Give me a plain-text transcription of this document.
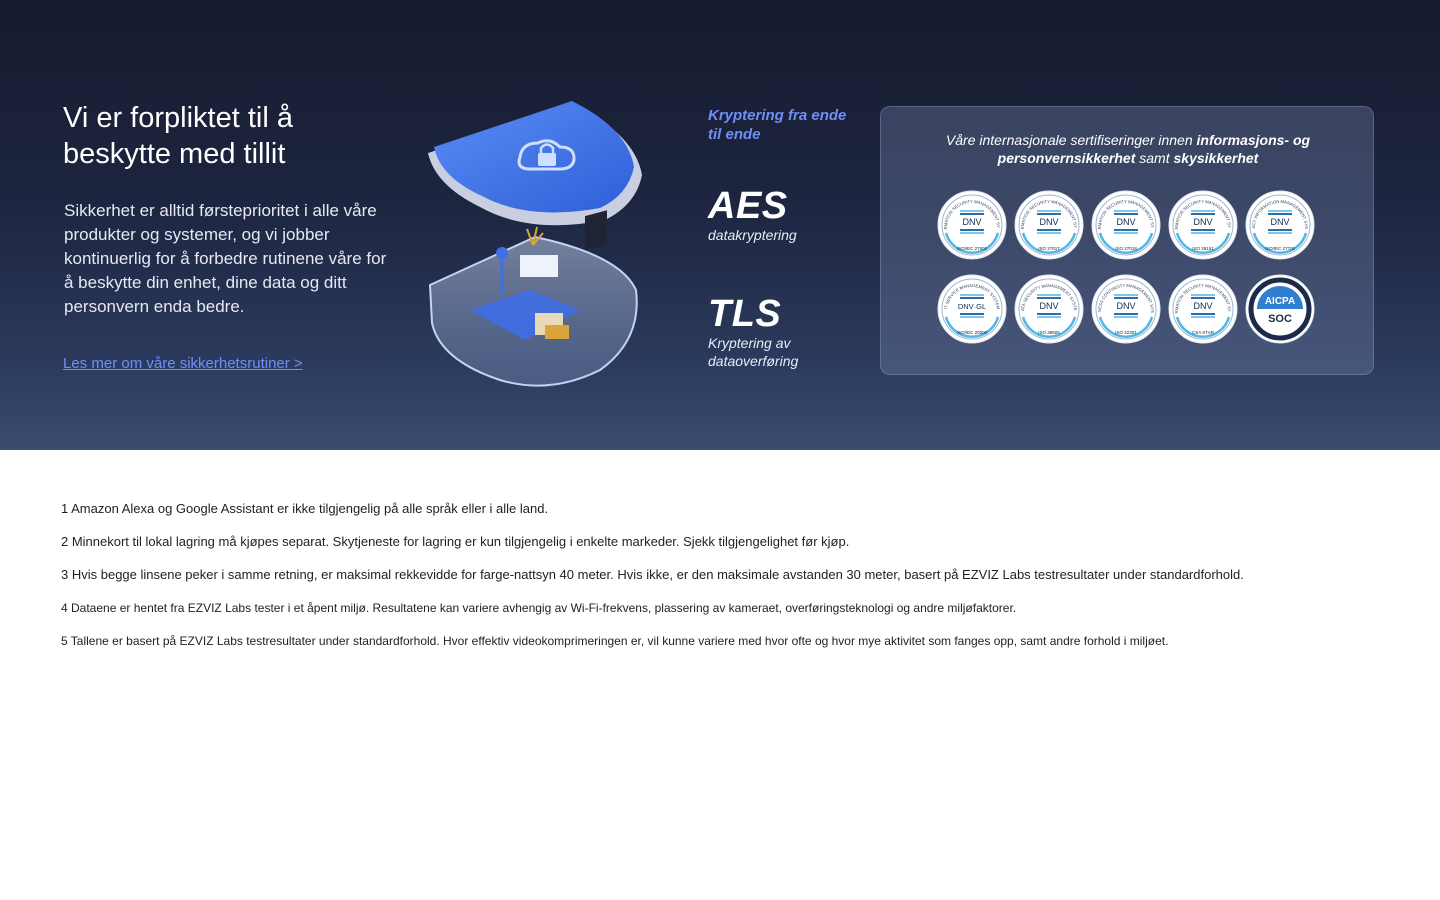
Vi er forpliktet til å beskytte med tillit

Sikkerhet er alltid førsteprioritet i alle våre produkter og systemer, og vi jobber kontinuerlig for å forbedre rutinene våre for å beskytte din enhet, dine data og ditt personvern enda bedre.

Les mer om våre sikkerhetsrutiner >
Kryptering fra ende til ende
AES
datakryptering
TLS
Kryptering av dataoverføring

Våre internasjonale sertifiseringer innen informasjons- og personvernsikkerhet samt skysikkerhet

RMATION SECURITY MANAGEMENT SY
DNV
ISO/IEC 27001
RMATION SECURITY MANAGEMENT SY
DNV
ISO 27017
RMATION SECURITY MANAGEMENT SY
DNV
ISO 27018
RMATION SECURITY MANAGEMENT SY
DNV
ISO 29151
ACY INFORMATION MANAGEMENT SYS
DNV
ISO/IEC 27701
IT SERVICE MANAGEMENT SYSTEM
DNV·GL
ISO/IEC 20000
ATA SECURITY MANAGEMENT SYSTE
DNV
ISO 38505
NESS CONTINUITY MANAGEMENT SYS
DNV
ISO 22301
RMATION SECURITY MANAGEMENT SY
DNV
CSA STAR
AICPA
SOC

1 Amazon Alexa og Google Assistant er ikke tilgjengelig på alle språk eller i alle land.

2 Minnekort til lokal lagring må kjøpes separat. Skytjeneste for lagring er kun tilgjengelig i enkelte markeder. Sjekk tilgjengelighet før kjøp.

3 Hvis begge linsene peker i samme retning, er maksimal rekkevidde for farge-nattsyn 40 meter. Hvis ikke, er den maksimale avstanden 30 meter, basert på EZVIZ Labs testresultater under standardforhold.

4 Dataene er hentet fra EZVIZ Labs tester i et åpent miljø. Resultatene kan variere avhengig av Wi-Fi-frekvens, plassering av kameraet, overføringsteknologi og andre miljøfaktorer.

5 Tallene er basert på EZVIZ Labs testresultater under standardforhold. Hvor effektiv videokomprimeringen er, vil kunne variere med hvor ofte og hvor mye aktivitet som fanges opp, samt andre forhold i miljøet.
